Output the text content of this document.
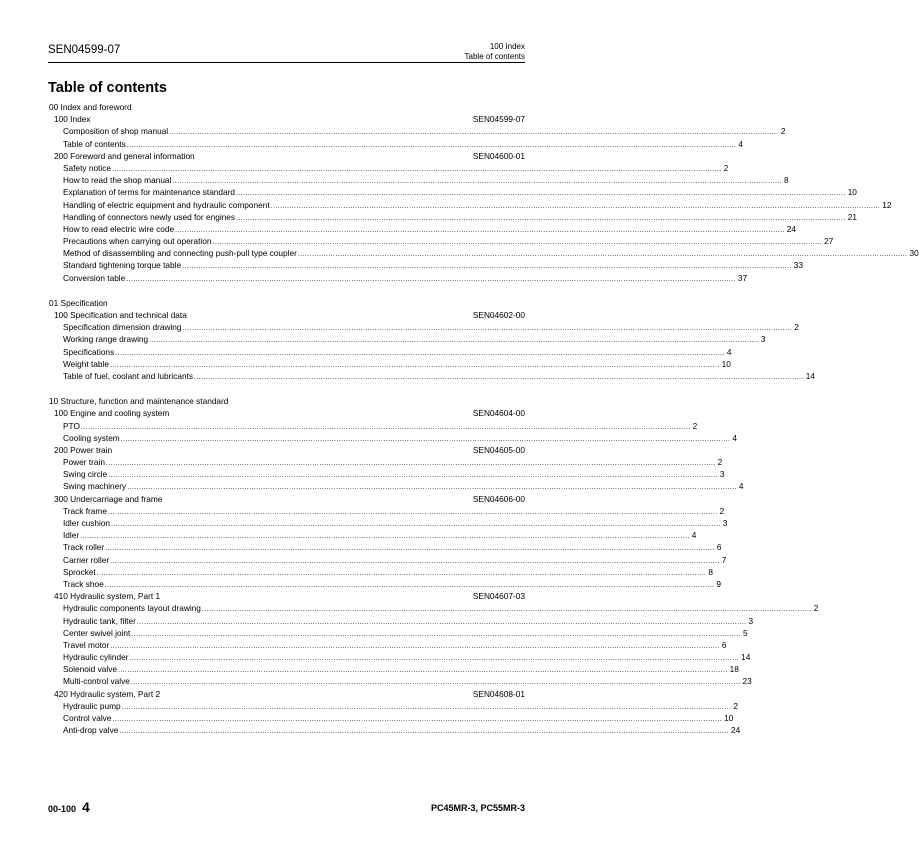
SEN04599-07	100 Index
Table of contents
Table of contents
00 Index and foreword
100 Index	SEN04599-07
Composition of shop manual .................................................................................................................................................................................................................................................................... 2
Table of contents .................................................................................................................................................................................................................................................................... 4
200 Foreword and general information	SEN04600-01
Safety notice .................................................................................................................................................................................................................................................................... 2
How to read the shop manual .................................................................................................................................................................................................................................................................... 8
Explanation of terms for maintenance standard .................................................................................................................................................................................................................................................................... 10
Handling of electric equipment and hydraulic component .................................................................................................................................................................................................................................................................... 12
Handling of connectors newly used for engines .................................................................................................................................................................................................................................................................... 21
How to read electric wire code .................................................................................................................................................................................................................................................................... 24
Precautions when carrying out operation .................................................................................................................................................................................................................................................................... 27
Method of disassembling and connecting push-pull type coupler .................................................................................................................................................................................................................................................................... 30
Standard tightening torque table .................................................................................................................................................................................................................................................................... 33
Conversion table .................................................................................................................................................................................................................................................................... 37
01 Specification
100 Specification and technical data	SEN04602-00
Specification dimension drawing .................................................................................................................................................................................................................................................................... 2
Working range drawing .................................................................................................................................................................................................................................................................... 3
Specifications .................................................................................................................................................................................................................................................................... 4
Weight table .................................................................................................................................................................................................................................................................... 10
Table of fuel, coolant and lubricants .................................................................................................................................................................................................................................................................... 14
10 Structure, function and maintenance standard
100 Engine and cooling system	SEN04604-00
PTO .................................................................................................................................................................................................................................................................... 2
Cooling system .................................................................................................................................................................................................................................................................... 4
200 Power train	SEN04605-00
Power train .................................................................................................................................................................................................................................................................... 2
Swing circle .................................................................................................................................................................................................................................................................... 3
Swing machinery .................................................................................................................................................................................................................................................................... 4
300 Undercarriage and frame	SEN04606-00
Track frame .................................................................................................................................................................................................................................................................... 2
Idler cushion .................................................................................................................................................................................................................................................................... 3
Idler .................................................................................................................................................................................................................................................................... 4
Track roller .................................................................................................................................................................................................................................................................... 6
Carrier roller .................................................................................................................................................................................................................................................................... 7
Sprocket .................................................................................................................................................................................................................................................................... 8
Track shoe .................................................................................................................................................................................................................................................................... 9
410 Hydraulic system, Part 1	SEN04607-03
Hydraulic components layout drawing .................................................................................................................................................................................................................................................................... 2
Hydraulic tank, filter .................................................................................................................................................................................................................................................................... 3
Center swivel joint .................................................................................................................................................................................................................................................................... 5
Travel motor .................................................................................................................................................................................................................................................................... 6
Hydraulic cylinder .................................................................................................................................................................................................................................................................... 14
Solenoid valve .................................................................................................................................................................................................................................................................... 18
Multi-control valve .................................................................................................................................................................................................................................................................... 23
420 Hydraulic system, Part 2	SEN04608-01
Hydraulic pump .................................................................................................................................................................................................................................................................... 2
Control valve .................................................................................................................................................................................................................................................................... 10
Anti-drop valve .................................................................................................................................................................................................................................................................... 24
00-100 4	PC45MR-3, PC55MR-3
